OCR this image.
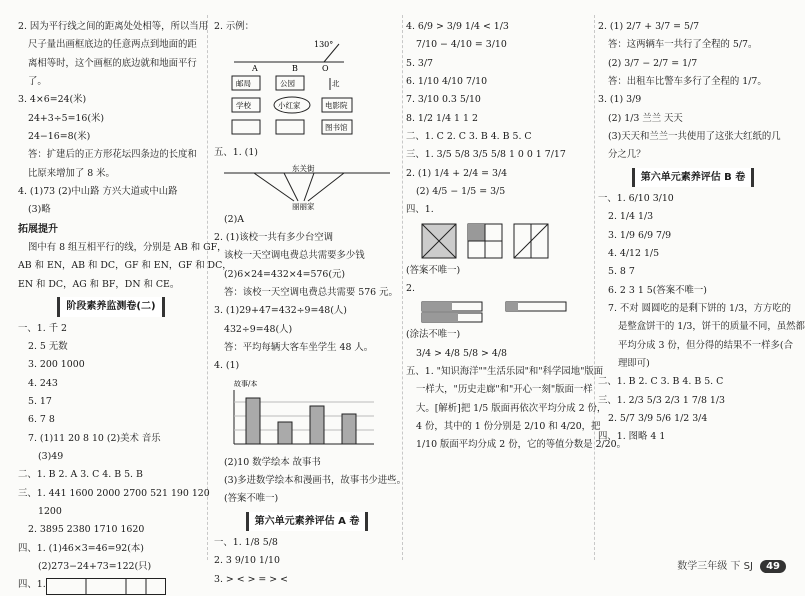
2. 因为平行线之间的距离处处相等，所以当用
尺子量出画框底边的任意两点到地面的距
离相等时，这个画框的底边就和地面平行
了。
3. 4×6=24(米)
24+3÷5=16(米)
24−16=8(米)
答：扩建后的正方形花坛四条边的长度和
比原来增加了 8 米。
4. (1)73 (2)中山路 方兴大道或中山路
(3)略
拓展提升
图中有 8 组互相平行的线，分别是 AB 和 GF，
AB 和 EN，AB 和 DC，GF 和 EN，GF 和 DC，
EN 和 DC，AG 和 BF，DN 和 CE。
阶段素养监测卷(二)
一、1. 千 2
2. 5 无数
3. 200 1000
4. 243
5. 17
6. 7 8
7. (1)11 20 8 10 (2)美术 音乐
(3)49
二、1. B 2. A 3. C 4. B 5. B
三、1. 441 1600 2000 2700 521 190 120
1200
2. 3895 2380 1710 1620
四、1. (1)46×3=46=92(本)
(2)273−24+73=122(只)
四、1.
2. 示例：
130°
A	B	O
邮局	公园	北
学校	小红家	电影院
图书馆
五、1. (1)
东关街
丽丽家
(2)A
2. (1)该校一共有多少台空调
该校一天空调电费总共需要多少钱
(2)6×24=432×4=576(元)
答：该校一天空调电费总共需要 576 元。
3. (1)29+47=432÷9=48(人)
432÷9=48(人)
答：平均每辆大客车坐学生 48 人。
4. (1)
故事/本
(2)10 数学绘本 故事书
(3)多进数学绘本和漫画书，故事书少进些。
(答案不唯一)
第六单元素养评估 A 卷
一、1. 1/8 5/8
2. 3 9/10 1/10
3. > < > = > <
4. 6/9 > 3/9 1/4 < 1/3
7/10 − 4/10 = 3/10
5. 3/7
6. 1/10 4/10 7/10
7. 3/10 0.3 5/10
8. 1/2 1/4 1 1 2
二、1. C 2. C 3. B 4. B 5. C
三、1. 3/5 5/8 3/5 5/8 1 0 0 1 7/17
2. (1) 1/4 + 2/4 = 3/4
(2) 4/5 − 1/5 = 3/5
四、1.
(答案不唯一)
2.
(涂法不唯一)
3/4 > 4/8 5/8 > 4/8
五、1. "知识海洋""生活乐园"和"科学园地"版面
一样大，"历史走廊"和"开心一刻"版面一样
大。[解析]把 1/5 版面再依次平均分成 2 份，
4 份，其中的 1 份分别是 2/10 和 4/20，把
1/10 版面平均分成 2 份，它的等值分数是 2/20。
2. (1) 2/7 + 3/7 = 5/7
答：这两辆车一共行了全程的 5/7。
(2) 3/7 − 2/7 = 1/7
答：出租车比警车多行了全程的 1/7。
3. (1) 3/9
(2) 1/3 兰兰 天天
(3)天天和兰兰一共使用了这张大红纸的几
分之几？
第六单元素养评估 B 卷
一、1. 6/10 3/10
2. 1/4 1/3
3. 1/9 6/9 7/9
4. 4/12 1/5
5. 8 7
6. 2 3 1 5(答案不唯一)
7. 不对 圆圆吃的是剩下饼的 1/3，方方吃的
是整盒饼干的 1/3，饼干的质量不同，虽然都
平均分成 3 份，但分得的结果不一样多(合
理即可)
二、1. B 2. C 3. B 4. B 5. C
三、1. 2/3 5/3 2/3 1 7/8 1/3
2. 5/7 3/9 5/6 1/2 3/4
四、1. 图略 4 1
数学三年级 下 SJ 49
